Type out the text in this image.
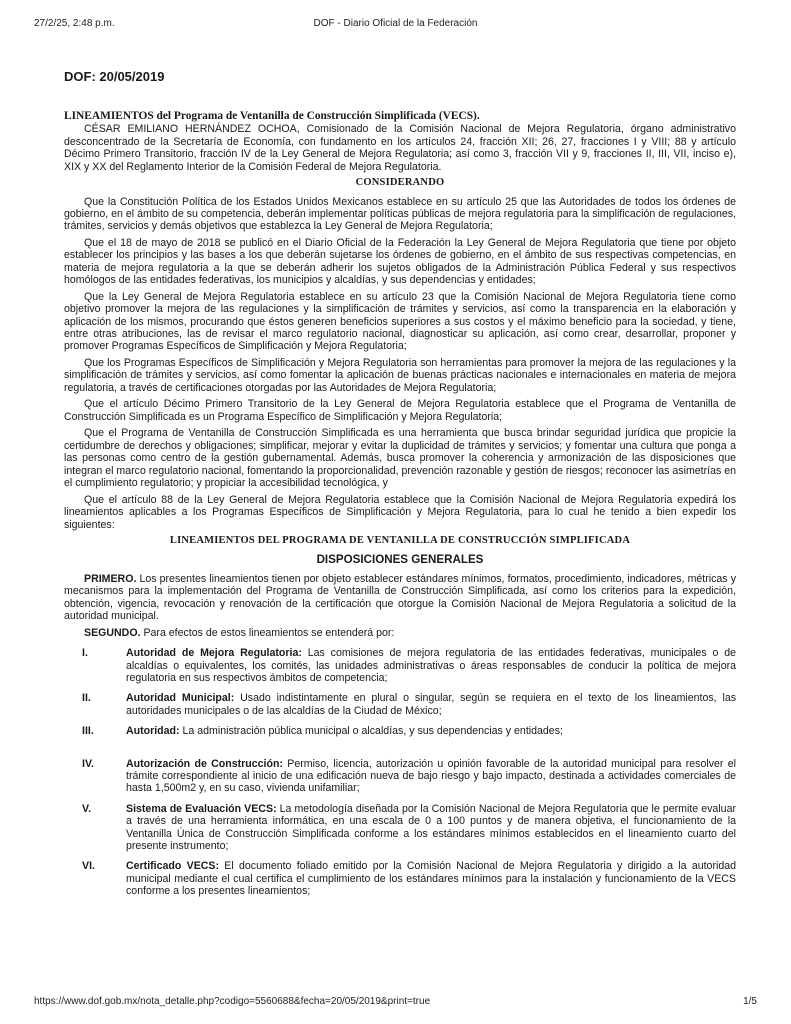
27/2/25, 2:48 p.m.	DOF - Diario Oficial de la Federación
DOF: 20/05/2019
LINEAMIENTOS del Programa de Ventanilla de Construcción Simplificada (VECS).

CÉSAR EMILIANO HERNÁNDEZ OCHOA, Comisionado de la Comisión Nacional de Mejora Regulatoria, órgano administrativo desconcentrado de la Secretaría de Economía, con fundamento en los artículos 24, fracción XII; 26, 27, fracciones I y VIII; 88 y artículo Décimo Primero Transitorio, fracción IV de la Ley General de Mejora Regulatoria; así como 3, fracción VII y 9, fracciones II, III, VII, inciso e), XIX y XX del Reglamento Interior de la Comisión Federal de Mejora Regulatoria.

CONSIDERANDO

Que la Constitución Política de los Estados Unidos Mexicanos establece en su artículo 25 que las Autoridades de todos los órdenes de gobierno, en el ámbito de su competencia, deberán implementar políticas públicas de mejora regulatoria para la simplificación de regulaciones, trámites, servicios y demás objetivos que establezca la Ley General de Mejora Regulatoria;

Que el 18 de mayo de 2018 se publicó en el Diario Oficial de la Federación la Ley General de Mejora Regulatoria que tiene por objeto establecer los principios y las bases a los que deberán sujetarse los órdenes de gobierno, en el ámbito de sus respectivas competencias, en materia de mejora regulatoria a la que se deberán adherir los sujetos obligados de la Administración Pública Federal y sus respectivos homólogos de las entidades federativas, los municipios y alcaldías, y sus dependencias y entidades;

Que la Ley General de Mejora Regulatoria establece en su artículo 23 que la Comisión Nacional de Mejora Regulatoria tiene como objetivo promover la mejora de las regulaciones y la simplificación de trámites y servicios, así como la transparencia en la elaboración y aplicación de los mismos, procurando que éstos generen beneficios superiores a sus costos y el máximo beneficio para la sociedad, y tiene, entre otras atribuciones, las de revisar el marco regulatorio nacional, diagnosticar su aplicación, así como crear, desarrollar, proponer y promover Programas Específicos de Simplificación y Mejora Regulatoria;

Que los Programas Específicos de Simplificación y Mejora Regulatoria son herramientas para promover la mejora de las regulaciones y la simplificación de trámites y servicios, así como fomentar la aplicación de buenas prácticas nacionales e internacionales en materia de mejora regulatoria, a través de certificaciones otorgadas por las Autoridades de Mejora Regulatoria;

Que el artículo Décimo Primero Transitorio de la Ley General de Mejora Regulatoria establece que el Programa de Ventanilla de Construcción Simplificada es un Programa Específico de Simplificación y Mejora Regulatoria;

Que el Programa de Ventanilla de Construcción Simplificada es una herramienta que busca brindar seguridad jurídica que propicie la certidumbre de derechos y obligaciones; simplificar, mejorar y evitar la duplicidad de trámites y servicios; y fomentar una cultura que ponga a las personas como centro de la gestión gubernamental. Además, busca promover la coherencia y armonización de las disposiciones que integran el marco regulatorio nacional, fomentando la proporcionalidad, prevención razonable y gestión de riesgos; reconocer las asimetrías en el cumplimiento regulatorio; y propiciar la accesibilidad tecnológica, y

Que el artículo 88 de la Ley General de Mejora Regulatoria establece que la Comisión Nacional de Mejora Regulatoria expedirá los lineamientos aplicables a los Programas Específicos de Simplificación y Mejora Regulatoria, para lo cual he tenido a bien expedir los siguientes:

LINEAMIENTOS DEL PROGRAMA DE VENTANILLA DE CONSTRUCCIÓN SIMPLIFICADA
DISPOSICIONES GENERALES

PRIMERO. Los presentes lineamientos tienen por objeto establecer estándares mínimos, formatos, procedimiento, indicadores, métricas y mecanismos para la implementación del Programa de Ventanilla de Construcción Simplificada, así como los criterios para la expedición, obtención, vigencia, revocación y renovación de la certificación que otorgue la Comisión Nacional de Mejora Regulatoria a solicitud de la autoridad municipal.

SEGUNDO. Para efectos de estos lineamientos se entenderá por:

I.	Autoridad de Mejora Regulatoria: Las comisiones de mejora regulatoria de las entidades federativas, municipales o de alcaldías o equivalentes, los comités, las unidades administrativas o áreas responsables de conducir la política de mejora regulatoria en sus respectivos ámbitos de competencia;
II.	Autoridad Municipal: Usado indistintamente en plural o singular, según se requiera en el texto de los lineamientos, las autoridades municipales o de las alcaldías de la Ciudad de México;
III.	Autoridad: La administración pública municipal o alcaldías, y sus dependencias y entidades;
IV.	Autorización de Construcción: Permiso, licencia, autorización u opinión favorable de la autoridad municipal para resolver el trámite correspondiente al inicio de una edificación nueva de bajo riesgo y bajo impacto, destinada a actividades comerciales de hasta 1,500m2 y, en su caso, vivienda unifamiliar;
V.	Sistema de Evaluación VECS: La metodología diseñada por la Comisión Nacional de Mejora Regulatoria que le permite evaluar a través de una herramienta informática, en una escala de 0 a 100 puntos y de manera objetiva, el funcionamiento de la Ventanilla Única de Construcción Simplificada conforme a los estándares mínimos establecidos en el lineamiento cuarto del presente instrumento;
VI.	Certificado VECS: El documento foliado emitido por la Comisión Nacional de Mejora Regulatoria y dirigido a la autoridad municipal mediante el cual certifica el cumplimiento de los estándares mínimos para la instalación y funcionamiento de la VECS conforme a los presentes lineamientos;
https://www.dof.gob.mx/nota_detalle.php?codigo=5560688&fecha=20/05/2019&print=true	1/5
